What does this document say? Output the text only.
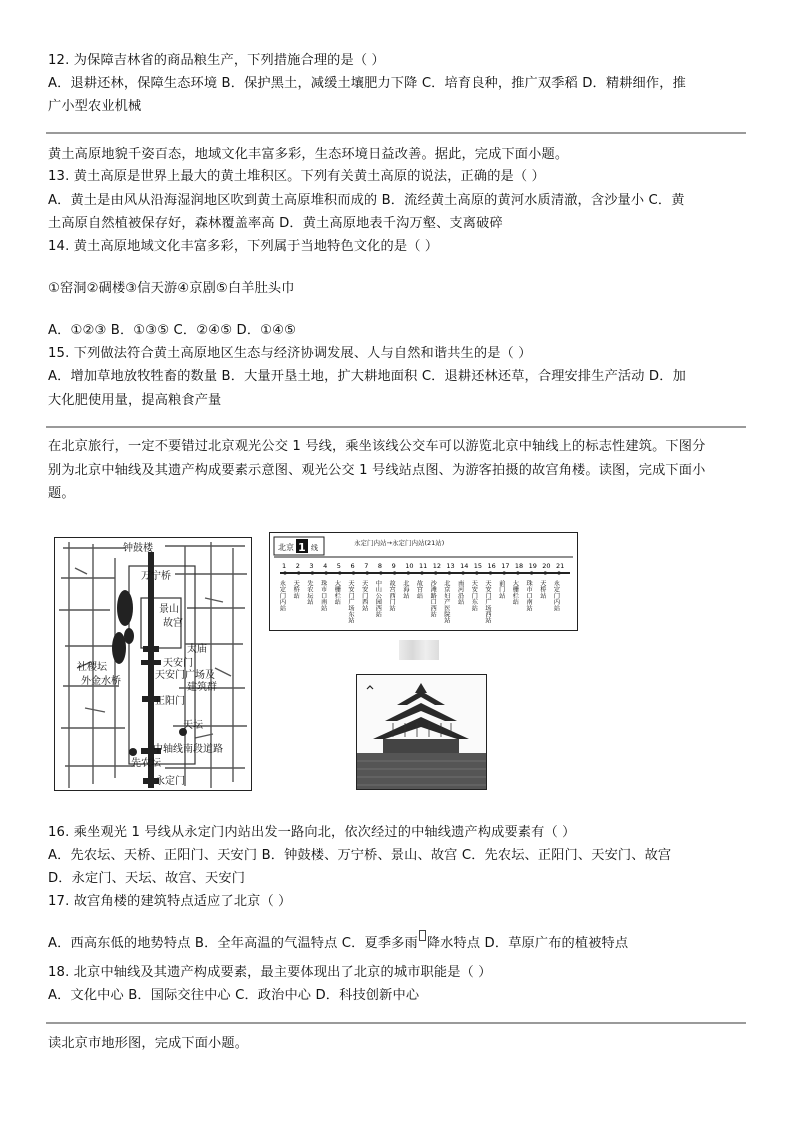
12. 为保障吉林省的商品粮生产，下列措施合理的是（ ）
A．退耕还林，保障生态环境 B．保护黑土，减缓土壤肥力下降 C．培育良种，推广双季稻 D．精耕细作，推
广小型农业机械
黄土高原地貌千姿百态，地域文化丰富多彩，生态环境日益改善。据此，完成下面小题。
13. 黄土高原是世界上最大的黄土堆积区。下列有关黄土高原的说法，正确的是（ ）
A．黄土是由风从沿海湿润地区吹到黄土高原堆积而成的 B．流经黄土高原的黄河水质清澈，含沙量小 C．黄
土高原自然植被保存好，森林覆盖率高 D．黄土高原地表千沟万壑、支离破碎
14. 黄土高原地域文化丰富多彩，下列属于当地特色文化的是（ ）
①窑洞②碉楼③信天游④京剧⑤白羊肚头巾
A．①②③ B．①③⑤ C．②④⑤ D．①④⑤
15. 下列做法符合黄土高原地区生态与经济协调发展、人与自然和谐共生的是（ ）
A．增加草地放牧牲畜的数量 B．大量开垦土地，扩大耕地面积 C．退耕还林还草，合理安排生产活动 D．加
大化肥使用量，提高粮食产量
在北京旅行，一定不要错过北京观光公交 1 号线，乘坐该线公交车可以游览北京中轴线上的标志性建筑。下图分
别为北京中轴线及其遗产构成要素示意图、观光公交 1 号线站点图、为游客拍摄的故宫角楼。读图，完成下面小
题。
钟鼓楼
万宁桥
景山
故宫
太庙
社稷坛	天安门
外金水桥
天安门广场及
建筑群
天坛
先农坛
中轴线南段道路
正阳门
永定门
北京 1 线
永定门内站→永定门内站(21站)
1
永定门内站
2
天桥站
3
先农坛站
4
珠市口南站
5
大栅栏站
6
天安门广场东站
7
天安门西站
8
中山公园西站
9
故宫西门站
10
北海站
11
故宫站
12
沙滩路口西站
13
北京妇产医院站
14
南河沿站
15
天安门东站
16
天安门广场西站
17
前门站
18
大栅栏站
19
珠市口南站
20
天桥站
21
永定门内站
16. 乘坐观光 1 号线从永定门内站出发一路向北，依次经过的中轴线遗产构成要素有（ ）
A．先农坛、天桥、正阳门、天安门 B．钟鼓楼、万宁桥、景山、故宫 C．先农坛、正阳门、天安门、故宫
D．永定门、天坛、故宫、天安门
17. 故宫角楼的建筑特点适应了北京（ ）
A．西高东低的地势特点 B．全年高温的气温特点 C．夏季多雨 降水特点 D．草原广布的植被特点
18. 北京中轴线及其遗产构成要素，最主要体现出了北京的城市职能是（ ）
A．文化中心 B．国际交往中心 C．政治中心 D．科技创新中心
读北京市地形图，完成下面小题。
